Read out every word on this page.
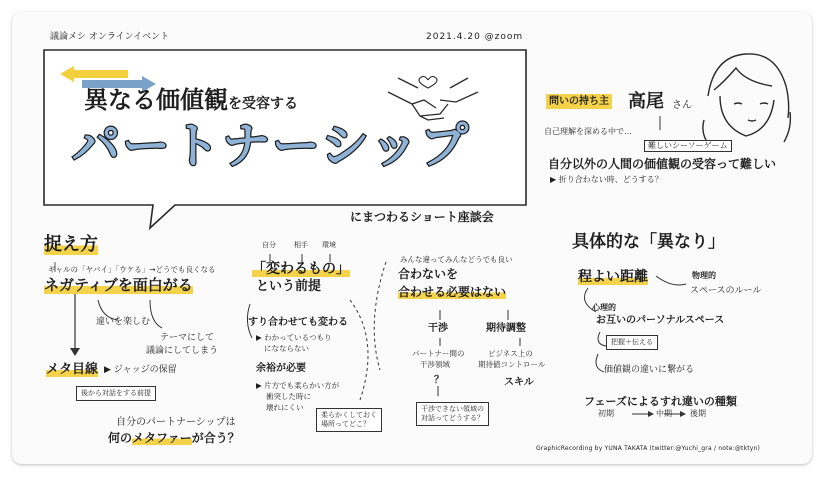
議論メシ オンラインイベント	2021.4.20 @zoom
異なる価値観を受容する
パートナーシップ
にまつわるショート座談会
問いの持ち主 高尾 さん
自己理解を深める中で…
難しいシーソーゲーム
自分以外の人間の価値観の受容って難しい
▶ 折り合わない時、どうする？
捉え方
ギャルの「ヤバイ」「ウケる」→どうでも良くなる
ネガティブを面白がる
違いを楽しむ
テーマにして
議論にしてしまう
メタ目線 ▶ ジャッジの保留
後から対話をする前提
自分のパートナーシップは
何のメタファーが合う？
自分	相手 環境
「変わるもの」
という前提
すり合わせても変わる
▶ わかっているつもり
になならない
余裕が必要
▶ 片方でも柔らかい方が
衝突した時に
壊れにくい
柔らかくしておく
場所ってどこ？
みんな違ってみんなどうでも良い
合わないを
合わせる必要はない
干渉	期待調整
パートナー間の
干渉領域
？
ビジネス上の
期待値コントロール
スキル
干渉できない領域の
対話ってどうする？
具体的な「異なり」
程よい距離	物理的
スペースのルール
心理的
お互いのパーソナルスペース
把握＋伝える
価値観の違いに繋がる
フェーズによるすれ違いの種類
初期	中期 後期
GraphicRecording by YUNA TAKATA (twitter:@Yuchi_gra / note:@tktyn)
